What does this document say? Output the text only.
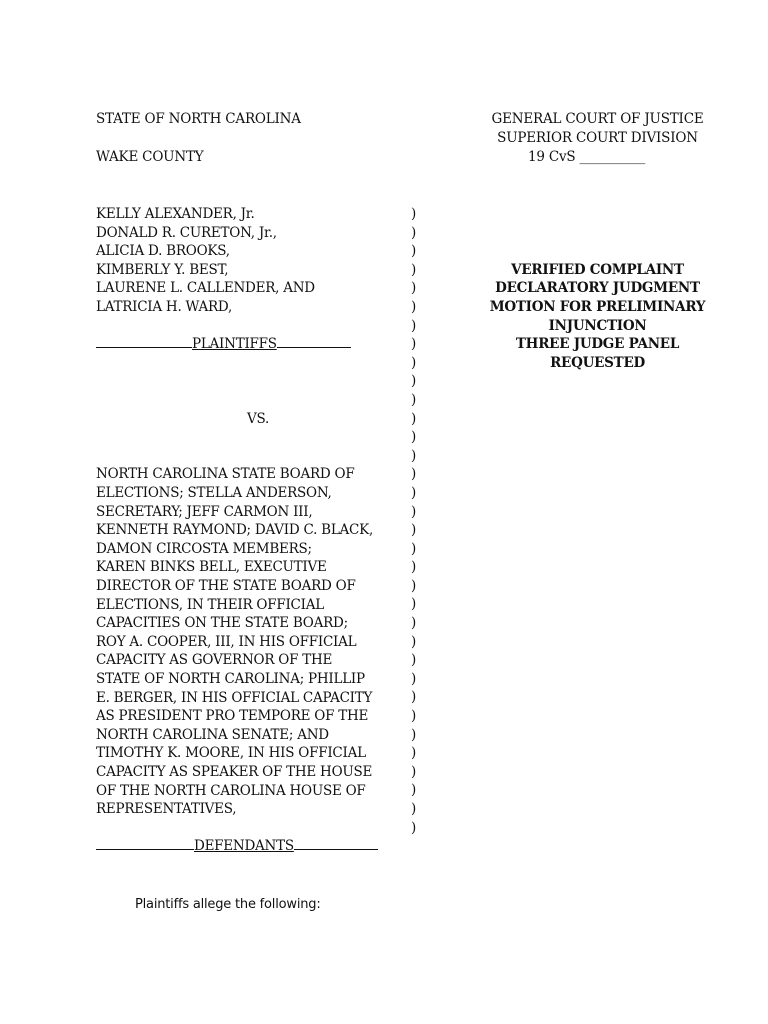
STATE OF NORTH CAROLINA
WAKE COUNTY
GENERAL COURT OF JUSTICE
SUPERIOR COURT DIVISION
19 CvS __________
KELLY ALEXANDER, Jr.
DONALD R. CURETON, Jr.,
ALICIA D. BROOKS,
KIMBERLY Y. BEST,
LAURENE L. CALLENDER, AND
LATRICIA H. WARD,
PLAINTIFFS
VS.
NORTH CAROLINA STATE BOARD OF
ELECTIONS; STELLA ANDERSON,
SECRETARY; JEFF CARMON III,
KENNETH RAYMOND; DAVID C. BLACK,
DAMON CIRCOSTA MEMBERS;
KAREN BINKS BELL, EXECUTIVE
DIRECTOR OF THE STATE BOARD OF
ELECTIONS, IN THEIR OFFICIAL
CAPACITIES ON THE STATE BOARD;
ROY A. COOPER, III, IN HIS OFFICIAL
CAPACITY AS GOVERNOR OF THE
STATE OF NORTH CAROLINA; PHILLIP
E. BERGER, IN HIS OFFICIAL CAPACITY
AS PRESIDENT PRO TEMPORE OF THE
NORTH CAROLINA SENATE; AND
TIMOTHY K. MOORE, IN HIS OFFICIAL
CAPACITY AS SPEAKER OF THE HOUSE
OF THE NORTH CAROLINA HOUSE OF
REPRESENTATIVES,
DEFENDANTS
)
)
)
)
)
)
)
)
)
)
)
)
)
)
)
)
)
)
)
)
)
)
)
)
)
)
)
)
)
)
)
)
)
)
VERIFIED COMPLAINT
DECLARATORY JUDGMENT
MOTION FOR PRELIMINARY
INJUNCTION
THREE JUDGE PANEL
REQUESTED
Plaintiffs allege the following:
